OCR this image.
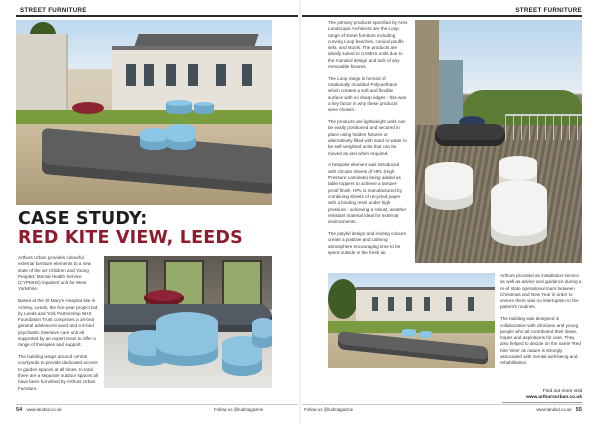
STREET FURNITURE	STREET FURNITURE
CASE STUDY:
RED KITE VIEW, LEEDS

Arthurs Urban provides colourful external furniture elements to a new state of the art Children and Young Peoples' Mental Health Service (CYPMHS) inpatient unit for West Yorkshire.

Based at the St Mary's Hospital site in Armley, Leeds, the five-year project led by Leeds and York Partnership NHS Foundation Trust comprises a 16-bed general adolescent ward and a 6-bed psychiatric intensive care unit all supported by an expert team to offer a range of therapies and support.

The building wraps around central courtyards to provide dedicated access to garden spaces at all times. In total there are a separate outdoor spaces all have been furnished by Arthurs Urban Furniture.

The primary products specified by Ares Landscape Architects are the Loop range of street furniture including curving Loop benches, conical pouffe sets, and stools. The products are ideally suited to CAMHS units due to the rounded design and lack of any removable fixtures.

The Loop range is formed of rotationally moulded Polyurethane which creates a soft and flexible surface with no sharp edges - this was a key factor in why these products were chosen.

The products are lightweight units can be easily positioned and secured in place using hidden fixtures or alternatively filled with sand or water to be self-weighted units that can be moved as and when required.

A bespoke element was introduced with circular sheets of HPL (High Pressure Laminate) being added as table toppers to achieve a tamper-proof finish. HPL is manufactured by combining sheets of recycled paper with a binding resin under high pressure - achieving a robust, weather resistant material ideal for external environments.

The playful design and inviting colours create a positive and calming atmosphere encouraging time to be spent outside in the fresh air.

Arthurs provided an installation service as well as advice and guidance during a re-of state operational tours between Christmas and New Year in order to ensure there was no interruption to the patient's routines.

The building was designed in collaboration with clinicians and young people who all contributed their ideas, hopes and aspirations for care. They also helped to decide on the name 'Red Kite View' as nature is strongly associated with mental well-being and rehabilitation.

Find out more visit
www.arthursurban.co.uk
54 www.landsd.co.uk	Follow us @ludmagazine	Follow us @ludmagazine	www.landsd.co.uk 55
